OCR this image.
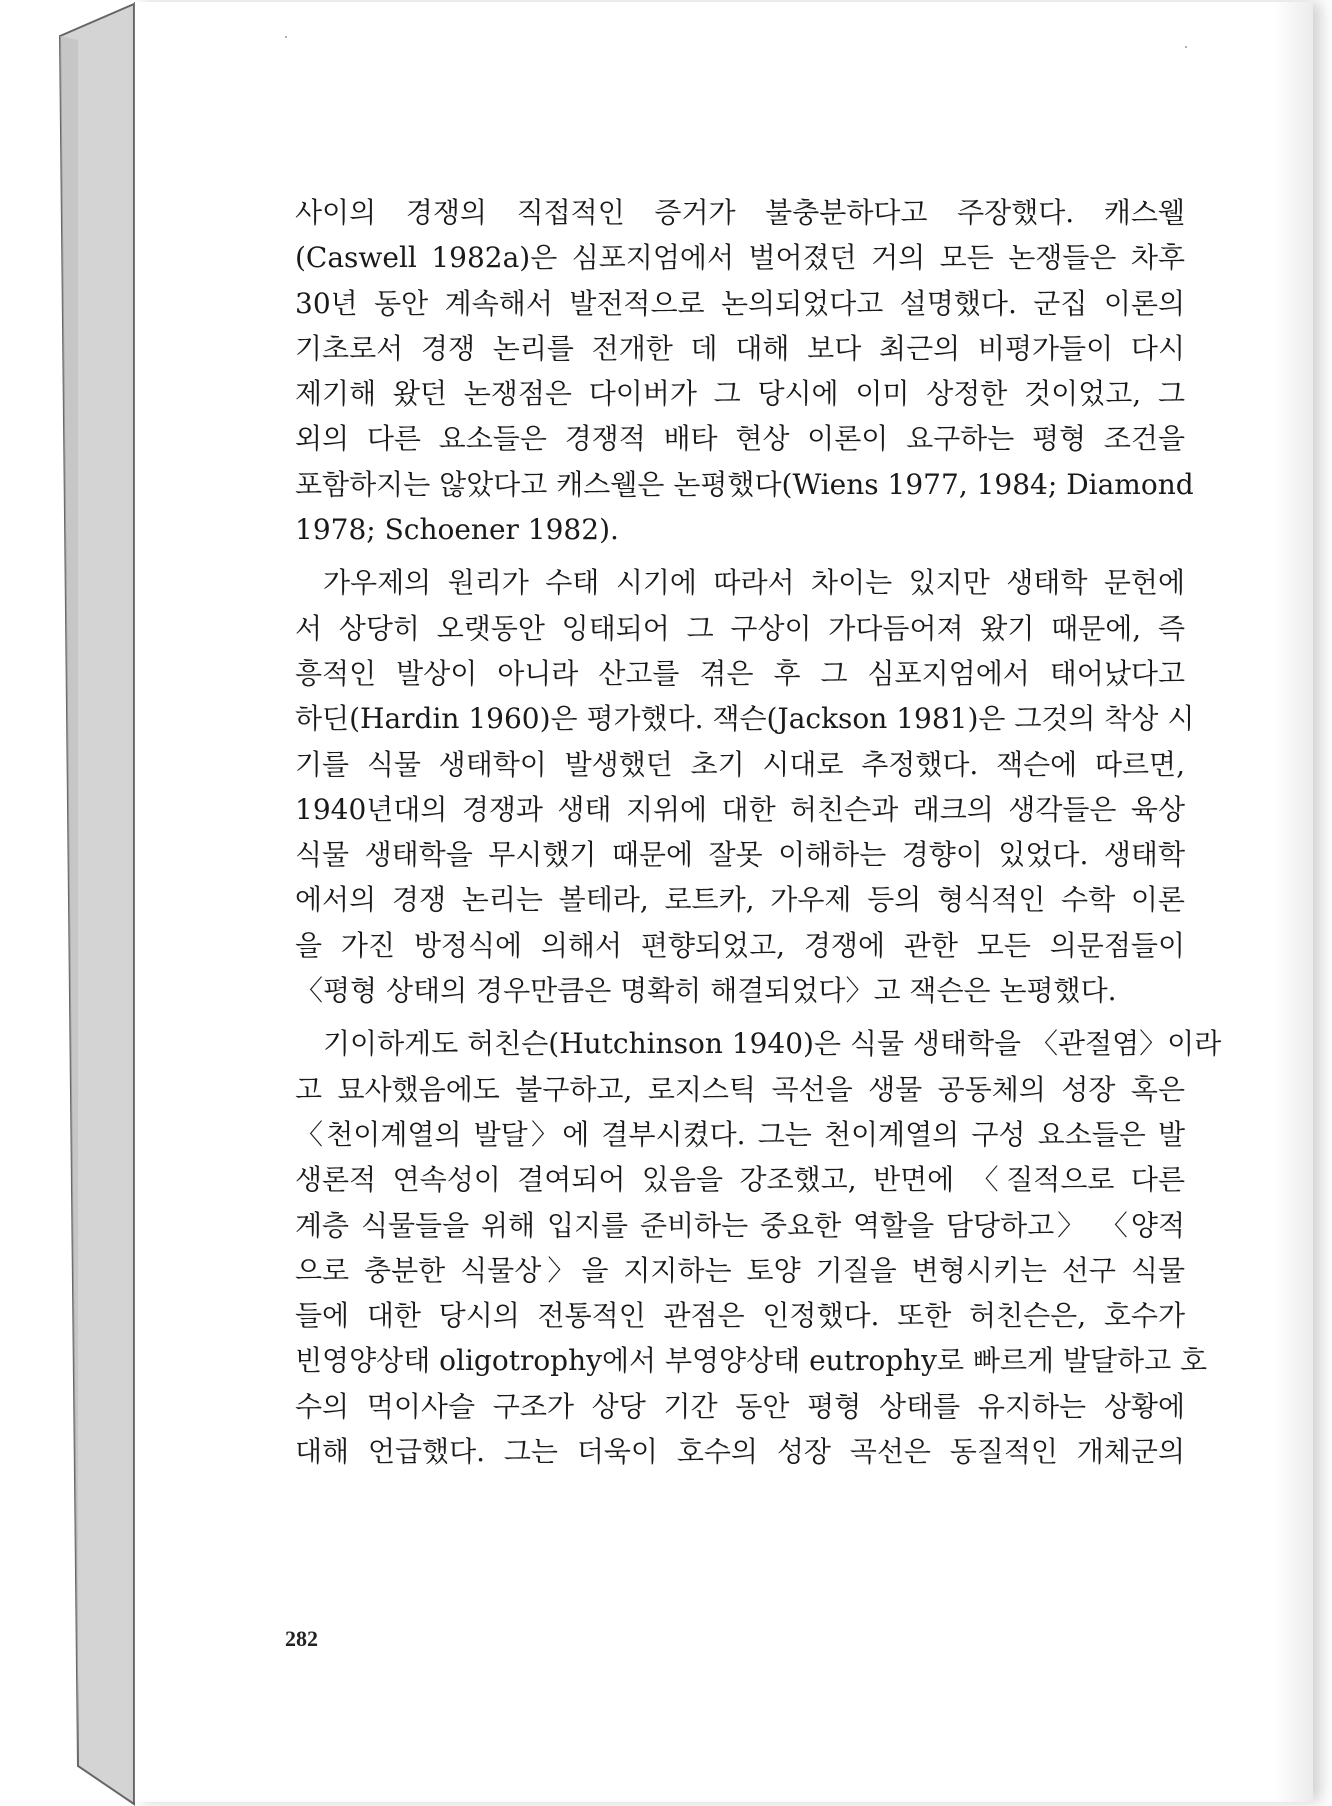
사이의 경쟁의 직접적인 증거가 불충분하다고 주장했다. 캐스웰
(Caswell 1982a)은 심포지엄에서 벌어졌던 거의 모든 논쟁들은 차후
30년 동안 계속해서 발전적으로 논의되었다고 설명했다. 군집 이론의
기초로서 경쟁 논리를 전개한 데 대해 보다 최근의 비평가들이 다시
제기해 왔던 논쟁점은 다이버가 그 당시에 이미 상정한 것이었고, 그
외의 다른 요소들은 경쟁적 배타 현상 이론이 요구하는 평형 조건을
포함하지는 않았다고 캐스웰은 논평했다(Wiens 1977, 1984; Diamond
1978; Schoener 1982).
가우제의 원리가 수태 시기에 따라서 차이는 있지만 생태학 문헌에
서 상당히 오랫동안 잉태되어 그 구상이 가다듬어져 왔기 때문에, 즉
흥적인 발상이 아니라 산고를 겪은 후 그 심포지엄에서 태어났다고
하딘(Hardin 1960)은 평가했다. 잭슨(Jackson 1981)은 그것의 착상 시
기를 식물 생태학이 발생했던 초기 시대로 추정했다. 잭슨에 따르면,
1940년대의 경쟁과 생태 지위에 대한 허친슨과 래크의 생각들은 육상
식물 생태학을 무시했기 때문에 잘못 이해하는 경향이 있었다. 생태학
에서의 경쟁 논리는 볼테라, 로트카, 가우제 등의 형식적인 수학 이론
을 가진 방정식에 의해서 편향되었고, 경쟁에 관한 모든 의문점들이
〈평형 상태의 경우만큼은 명확히 해결되었다〉고 잭슨은 논평했다.
기이하게도 허친슨(Hutchinson 1940)은 식물 생태학을 〈관절염〉이라
고 묘사했음에도 불구하고, 로지스틱 곡선을 생물 공동체의 성장 혹은
〈천이계열의 발달〉에 결부시켰다. 그는 천이계열의 구성 요소들은 발
생론적 연속성이 결여되어 있음을 강조했고, 반면에 〈질적으로 다른
계층 식물들을 위해 입지를 준비하는 중요한 역할을 담당하고〉 〈양적
으로 충분한 식물상〉을 지지하는 토양 기질을 변형시키는 선구 식물
들에 대한 당시의 전통적인 관점은 인정했다. 또한 허친슨은, 호수가
빈영양상태 oligotrophy에서 부영양상태 eutrophy로 빠르게 발달하고 호
수의 먹이사슬 구조가 상당 기간 동안 평형 상태를 유지하는 상황에
대해 언급했다. 그는 더욱이 호수의 성장 곡선은 동질적인 개체군의
282
